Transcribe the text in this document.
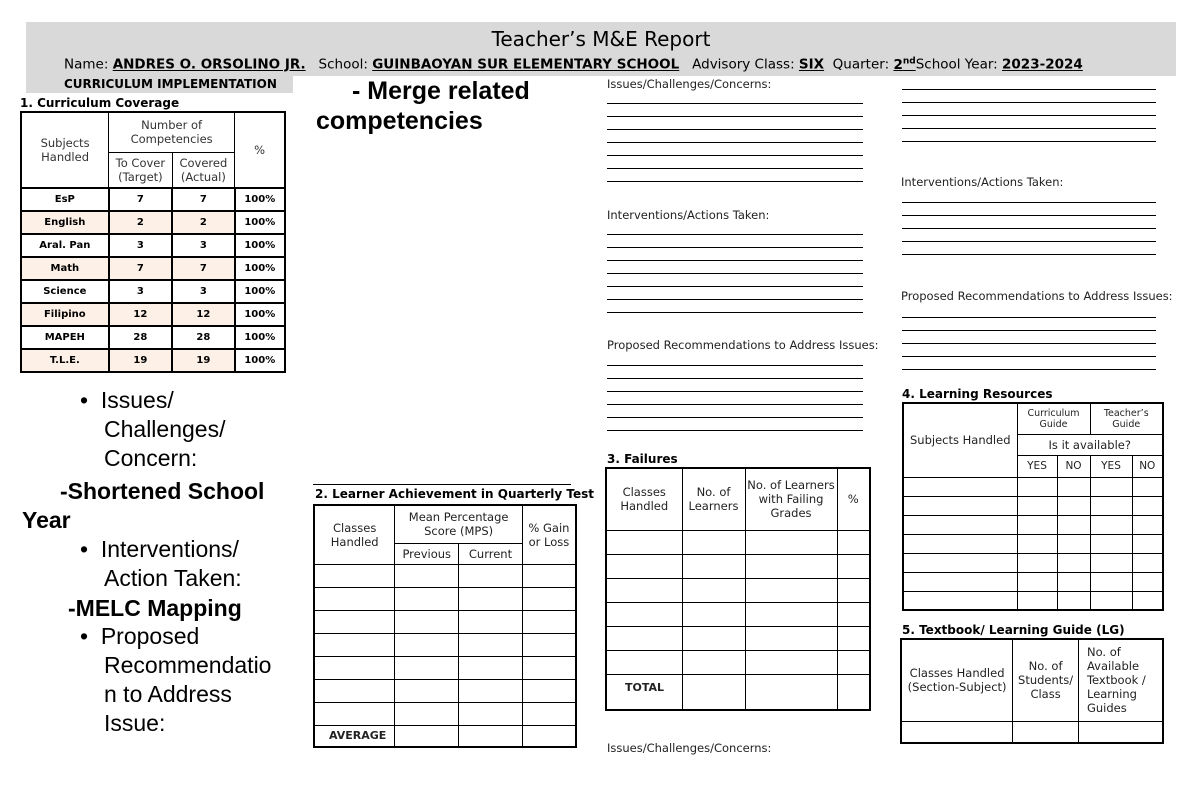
Teacher’s M&E Report
Name: ANDRES O. ORSOLINO JR. School: GUINBAOYAN SUR ELEMENTARY SCHOOL Advisory Class: SIX Quarter: 2ndSchool Year: 2023-2024
CURRICULUM IMPLEMENTATION
1. Curriculum Coverage
Subjects Handled	Number of Competencies		%
	To Cover (Target)	Covered (Actual)	
EsP	7	7	100%
English	2	2	100%
Aral. Pan	3	3	100%
Math	7	7	100%
Science	3	3	100%
Filipino	12	12	100%
MAPEH	28	28	100%
T.L.E.	19	19	100%
- Merge related
competencies
• Issues/
Challenges/
Concern:
-Shortened School
Year
• Interventions/
Action Taken:
-MELC Mapping
• Proposed
Recommendatio
n to Address
Issue:
2. Learner Achievement in Quarterly Test
Classes Handled	Mean Percentage Score (MPS)		% Gain or Loss
	Previous	Current	

AVERAGE			
Issues/Challenges/Concerns:
Interventions/Actions Taken:
Proposed Recommendations to Address Issues:
3. Failures
Classes Handled	No. of Learners	No. of Learners with Failing Grades	%

TOTAL			
Issues/Challenges/Concerns:
Interventions/Actions Taken:
Proposed Recommendations to Address Issues:
4. Learning Resources
Subjects Handled	Curriculum Guide		Teacher’s Guide	
	Is it available?			
	YES	NO	YES	NO

5. Textbook/ Learning Guide (LG)
Classes Handled (Section-Subject)	No. of Students/ Class	No. of Available Textbook / Learning Guides
